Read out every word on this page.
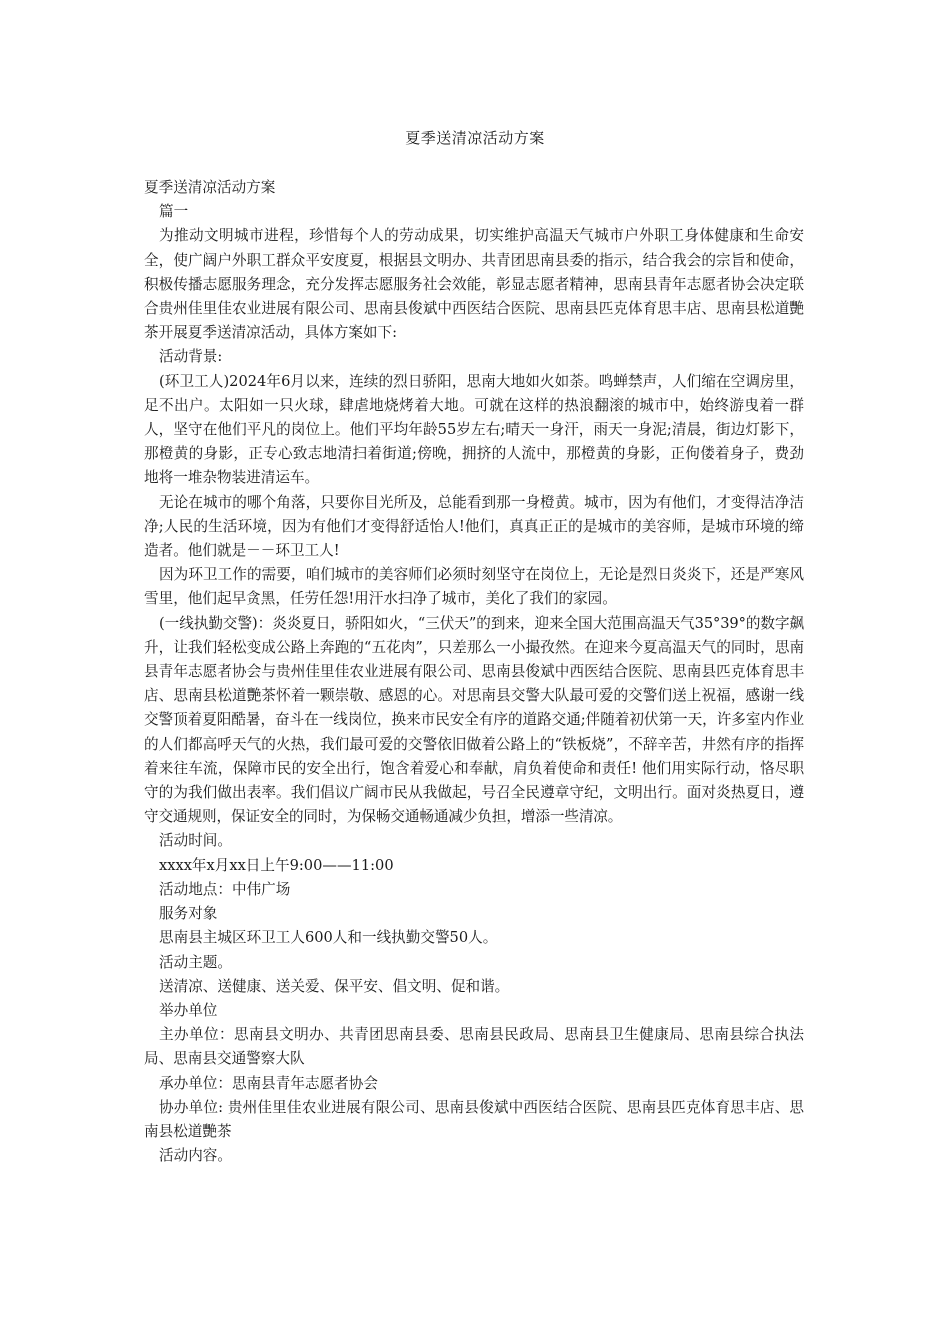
夏季送清凉活动方案

夏季送清凉活动方案

篇一

为推动文明城市进程，珍惜每个人的劳动成果，切实维护高温天气城市户外职工身体健康和生命安全，使广阔户外职工群众平安度夏，根据县文明办、共青团思南县委的指示，结合我会的宗旨和使命，积极传播志愿服务理念，充分发挥志愿服务社会效能，彰显志愿者精神，思南县青年志愿者协会决定联合贵州佳里佳农业进展有限公司、思南县俊斌中西医结合医院、思南县匹克体育思丰店、思南县松道艷茶开展夏季送清凉活动，具体方案如下:

活动背景:

(环卫工人)2024年6月以来，连续的烈日骄阳，思南大地如火如荼。鸣蝉禁声，人们缩在空调房里，足不出户。太阳如一只火球，肆虐地烧烤着大地。可就在这样的热浪翻滚的城市中，始终游曳着一群人，坚守在他们平凡的岗位上。他们平均年龄55岁左右;晴天一身汗，雨天一身泥;清晨，街边灯影下，那橙黄的身影，正专心致志地清扫着街道;傍晚，拥挤的人流中，那橙黄的身影，正佝偻着身子，费劲地将一堆杂物装进清运车。

无论在城市的哪个角落，只要你目光所及，总能看到那一身橙黄。城市，因为有他们，才变得洁净洁净;人民的生活环境，因为有他们才变得舒适怡人!他们，真真正正的是城市的美容师，是城市环境的缔造者。他们就是－－环卫工人!

因为环卫工作的需要，咱们城市的美容师们必须时刻坚守在岗位上，无论是烈日炎炎下，还是严寒风雪里，他们起早贪黑，任劳任怨!用汗水扫净了城市，美化了我们的家园。

(一线执勤交警)：炎炎夏日，骄阳如火，“三伏天”的到来，迎来全国大范围高温天气35°39°的数字飙升，让我们轻松变成公路上奔跑的“五花肉”，只差那么一小撮孜然。在迎来今夏高温天气的同时，思南县青年志愿者协会与贵州佳里佳农业进展有限公司、思南县俊斌中西医结合医院、思南县匹克体育思丰店、思南县松道艷茶怀着一颗崇敬、感恩的心。对思南县交警大队最可爱的交警们送上祝福，感谢一线交警顶着夏阳酷暑，奋斗在一线岗位，换来市民安全有序的道路交通;伴随着初伏第一天，许多室内作业的人们都高呼天气的火热，我们最可爱的交警依旧做着公路上的“铁板烧”，不辞辛苦，井然有序的指挥着来往车流，保障市民的安全出行，饱含着爱心和奉献，肩负着使命和责任! 他们用实际行动，恪尽职守的为我们做出表率。我们倡议广阔市民从我做起，号召全民遵章守纪，文明出行。面对炎热夏日，遵守交通规则，保证安全的同时，为保畅交通畅通减少负担，增添一些清凉。

活动时间。

xxxx年x月xx日上午9:00——11:00

活动地点：中伟广场

服务对象

思南县主城区环卫工人600人和一线执勤交警50人。

活动主题。

送清凉、送健康、送关爱、保平安、倡文明、促和谐。

举办单位

主办单位：思南县文明办、共青团思南县委、思南县民政局、思南县卫生健康局、思南县综合执法局、思南县交通警察大队

承办单位：思南县青年志愿者协会

协办单位: 贵州佳里佳农业进展有限公司、思南县俊斌中西医结合医院、思南县匹克体育思丰店、思南县松道艷茶

活动内容。
